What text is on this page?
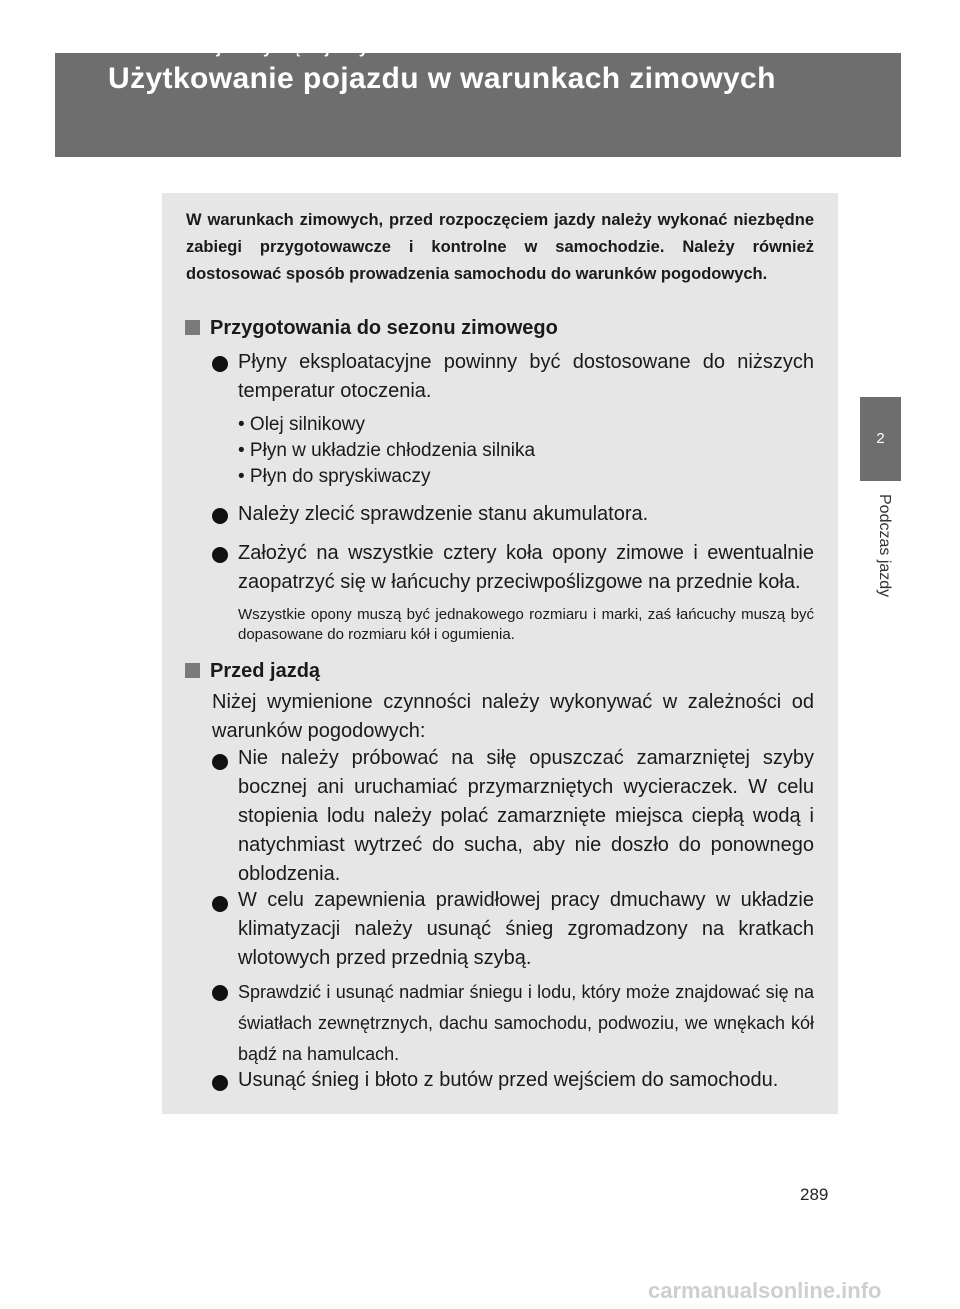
2-5. Informacje dotyczące jazdy
Użytkowanie pojazdu w warunkach zimowych
2
Podczas jazdy
W warunkach zimowych, przed rozpoczęciem jazdy należy wykonać niezbędne zabiegi przygotowawcze i kontrolne w samochodzie. Należy również dostosować sposób prowadzenia samochodu do warunków pogodowych.
Przygotowania do sezonu zimowego
Płyny eksploatacyjne powinny być dostosowane do niższych temperatur otoczenia.
• Olej silnikowy
• Płyn w układzie chłodzenia silnika
• Płyn do spryskiwaczy
Należy zlecić sprawdzenie stanu akumulatora.
Założyć na wszystkie cztery koła opony zimowe i ewentualnie zaopatrzyć się w łańcuchy przeciwpoślizgowe na przednie koła.
Wszystkie opony muszą być jednakowego rozmiaru i marki, zaś łańcuchy muszą być dopasowane do rozmiaru kół i ogumienia.
Przed jazdą
Niżej wymienione czynności należy wykonywać w zależności od warunków pogodowych:
Nie należy próbować na siłę opuszczać zamarzniętej szyby bocznej ani uruchamiać przymarzniętych wycieraczek. W celu stopienia lodu należy polać zamarznięte miejsca ciepłą wodą i natychmiast wytrzeć do sucha, aby nie doszło do ponownego oblodzenia.
W celu zapewnienia prawidłowej pracy dmuchawy w układzie klimatyzacji należy usunąć śnieg zgromadzony na kratkach wlotowych przed przednią szybą.
Sprawdzić i usunąć nadmiar śniegu i lodu, który może znajdować się na światłach zewnętrznych, dachu samochodu, podwoziu, we wnękach kół bądź na hamulcach.
Usunąć śnieg i błoto z butów przed wejściem do samochodu.
289
carmanualsonline.info
